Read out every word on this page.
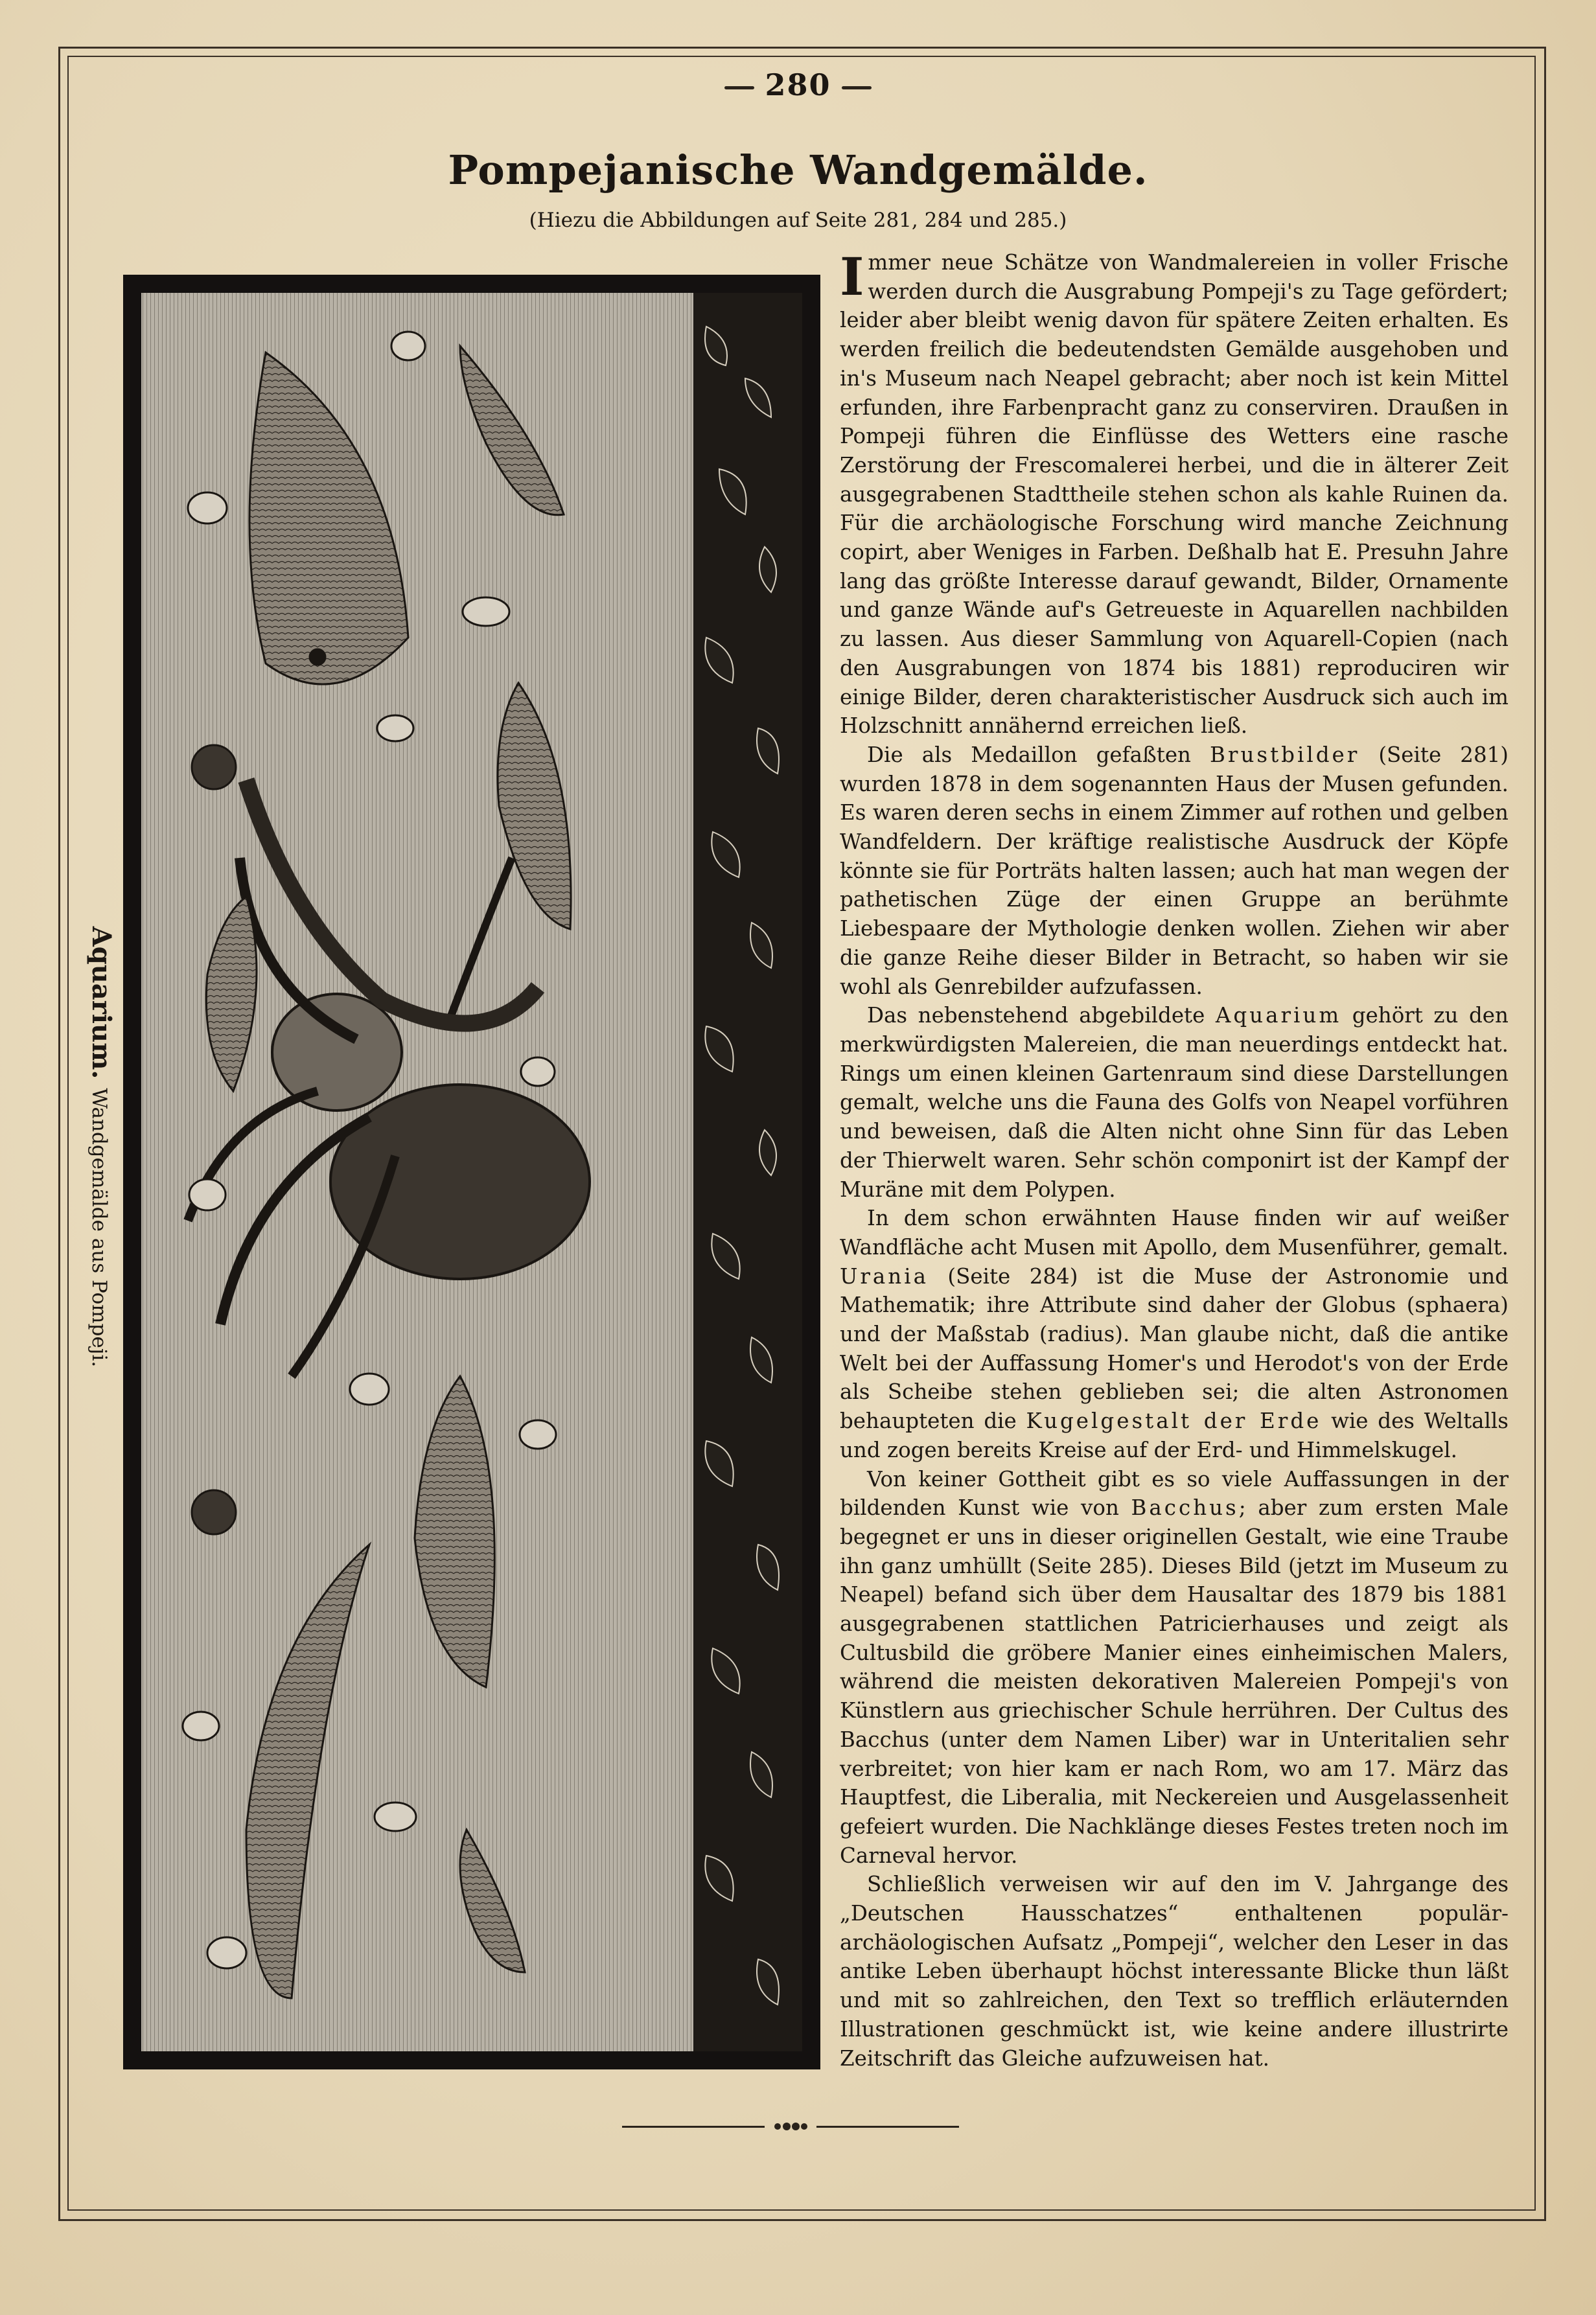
280
Pompejanische Wandgemälde.
(Hiezu die Abbildungen auf Seite 281, 284 und 285.)
Aquarium.Wandgemälde aus Pompeji.

Immer neue Schätze von Wandmalereien in voller Frische werden durch die Ausgrabung Pompeji's zu Tage gefördert; leider aber bleibt wenig davon für spätere Zeiten erhalten. Es werden freilich die bedeutendsten Gemälde ausgehoben und in's Museum nach Neapel gebracht; aber noch ist kein Mittel erfunden, ihre Farbenpracht ganz zu conserviren. Draußen in Pompeji führen die Einflüsse des Wetters eine rasche Zerstörung der Frescomalerei herbei, und die in älterer Zeit ausgegrabenen Stadttheile stehen schon als kahle Ruinen da. Für die archäologische Forschung wird manche Zeichnung copirt, aber Weniges in Farben. Deßhalb hat E. Presuhn Jahre lang das größte Interesse darauf gewandt, Bilder, Ornamente und ganze Wände auf's Getreueste in Aquarellen nachbilden zu lassen. Aus dieser Sammlung von Aquarell-Copien (nach den Ausgrabungen von 1874 bis 1881) reproduciren wir einige Bilder, deren charakteristischer Ausdruck sich auch im Holzschnitt annähernd erreichen ließ.

Die als Medaillon gefaßten Brustbilder (Seite 281) wurden 1878 in dem sogenannten Haus der Musen gefunden. Es waren deren sechs in einem Zimmer auf rothen und gelben Wandfeldern. Der kräftige realistische Ausdruck der Köpfe könnte sie für Porträts halten lassen; auch hat man wegen der pathetischen Züge der einen Gruppe an berühmte Liebespaare der Mythologie denken wollen. Ziehen wir aber die ganze Reihe dieser Bilder in Betracht, so haben wir sie wohl als Genrebilder aufzufassen.

Das nebenstehend abgebildete Aquarium gehört zu den merkwürdigsten Malereien, die man neuerdings entdeckt hat. Rings um einen kleinen Gartenraum sind diese Darstellungen gemalt, welche uns die Fauna des Golfs von Neapel vorführen und beweisen, daß die Alten nicht ohne Sinn für das Leben der Thierwelt waren. Sehr schön componirt ist der Kampf der Muräne mit dem Polypen.

In dem schon erwähnten Hause finden wir auf weißer Wandfläche acht Musen mit Apollo, dem Musenführer, gemalt. Urania (Seite 284) ist die Muse der Astronomie und Mathematik; ihre Attribute sind daher der Globus (sphaera) und der Maßstab (radius). Man glaube nicht, daß die antike Welt bei der Auffassung Homer's und Herodot's von der Erde als Scheibe stehen geblieben sei; die alten Astronomen behaupteten die Kugelgestalt der Erde wie des Weltalls und zogen bereits Kreise auf der Erd- und Himmelskugel.

Von keiner Gottheit gibt es so viele Auffassungen in der bildenden Kunst wie von Bacchus; aber zum ersten Male begegnet er uns in dieser originellen Gestalt, wie eine Traube ihn ganz umhüllt (Seite 285). Dieses Bild (jetzt im Museum zu Neapel) befand sich über dem Hausaltar des 1879 bis 1881 ausgegrabenen stattlichen Patricierhauses und zeigt als Cultusbild die gröbere Manier eines einheimischen Malers, während die meisten dekorativen Malereien Pompeji's von Künstlern aus griechischer Schule herrühren. Der Cultus des Bacchus (unter dem Namen Liber) war in Unteritalien sehr verbreitet; von hier kam er nach Rom, wo am 17. März das Hauptfest, die Liberalia, mit Neckereien und Ausgelassenheit gefeiert wurden. Die Nachklänge dieses Festes treten noch im Carneval hervor.

Schließlich verweisen wir auf den im V. Jahrgange des „Deutschen Hausschatzes“ enthaltenen populär-archäologischen Aufsatz „Pompeji“, welcher den Leser in das antike Leben überhaupt höchst interessante Blicke thun läßt und mit so zahlreichen, den Text so trefflich erläuternden Illustrationen geschmückt ist, wie keine andere illustrirte Zeitschrift das Gleiche aufzuweisen hat.
